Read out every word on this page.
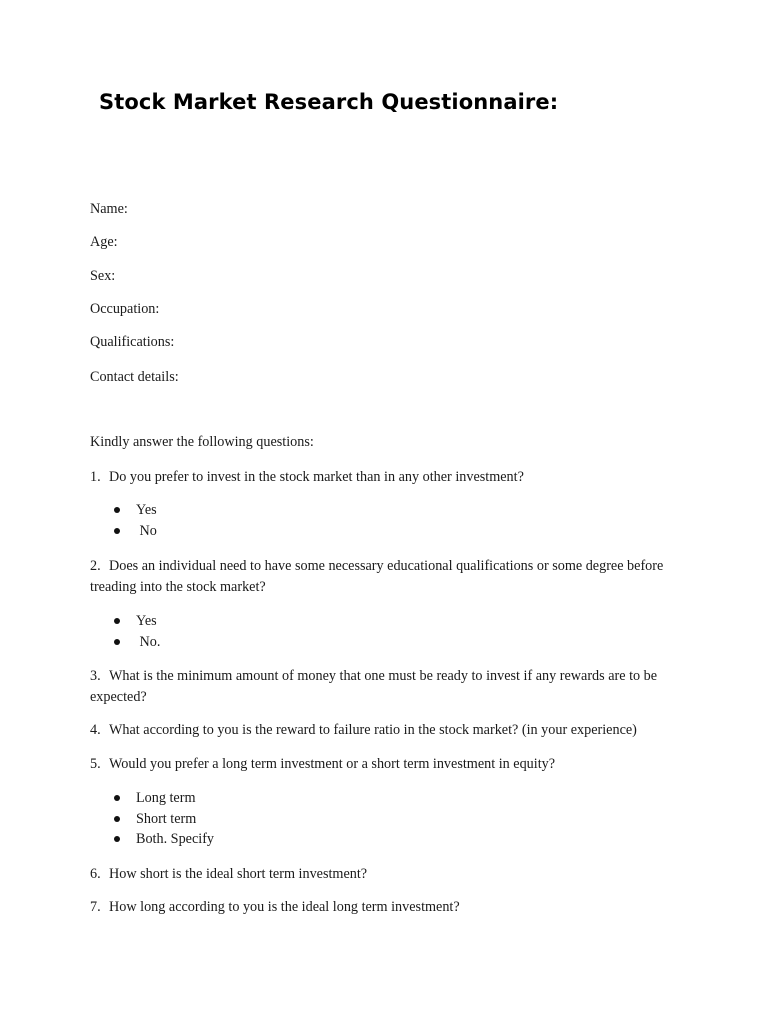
Stock Market Research Questionnaire:

Name:

Age:

Sex:

Occupation:

Qualifications:

Contact details:

Kindly answer the following questions:

1. Do you prefer to invest in the stock market than in any other investment?

Yes
No

2. Does an individual need to have some necessary educational qualifications or some degree before treading into the stock market?

Yes
No.

3. What is the minimum amount of money that one must be ready to invest if any rewards are to be expected?

4. What according to you is the reward to failure ratio in the stock market? (in your experience)

5. Would you prefer a long term investment or a short term investment in equity?

Long term
Short term
Both. Specify

6. How short is the ideal short term investment?

7. How long according to you is the ideal long term investment?
